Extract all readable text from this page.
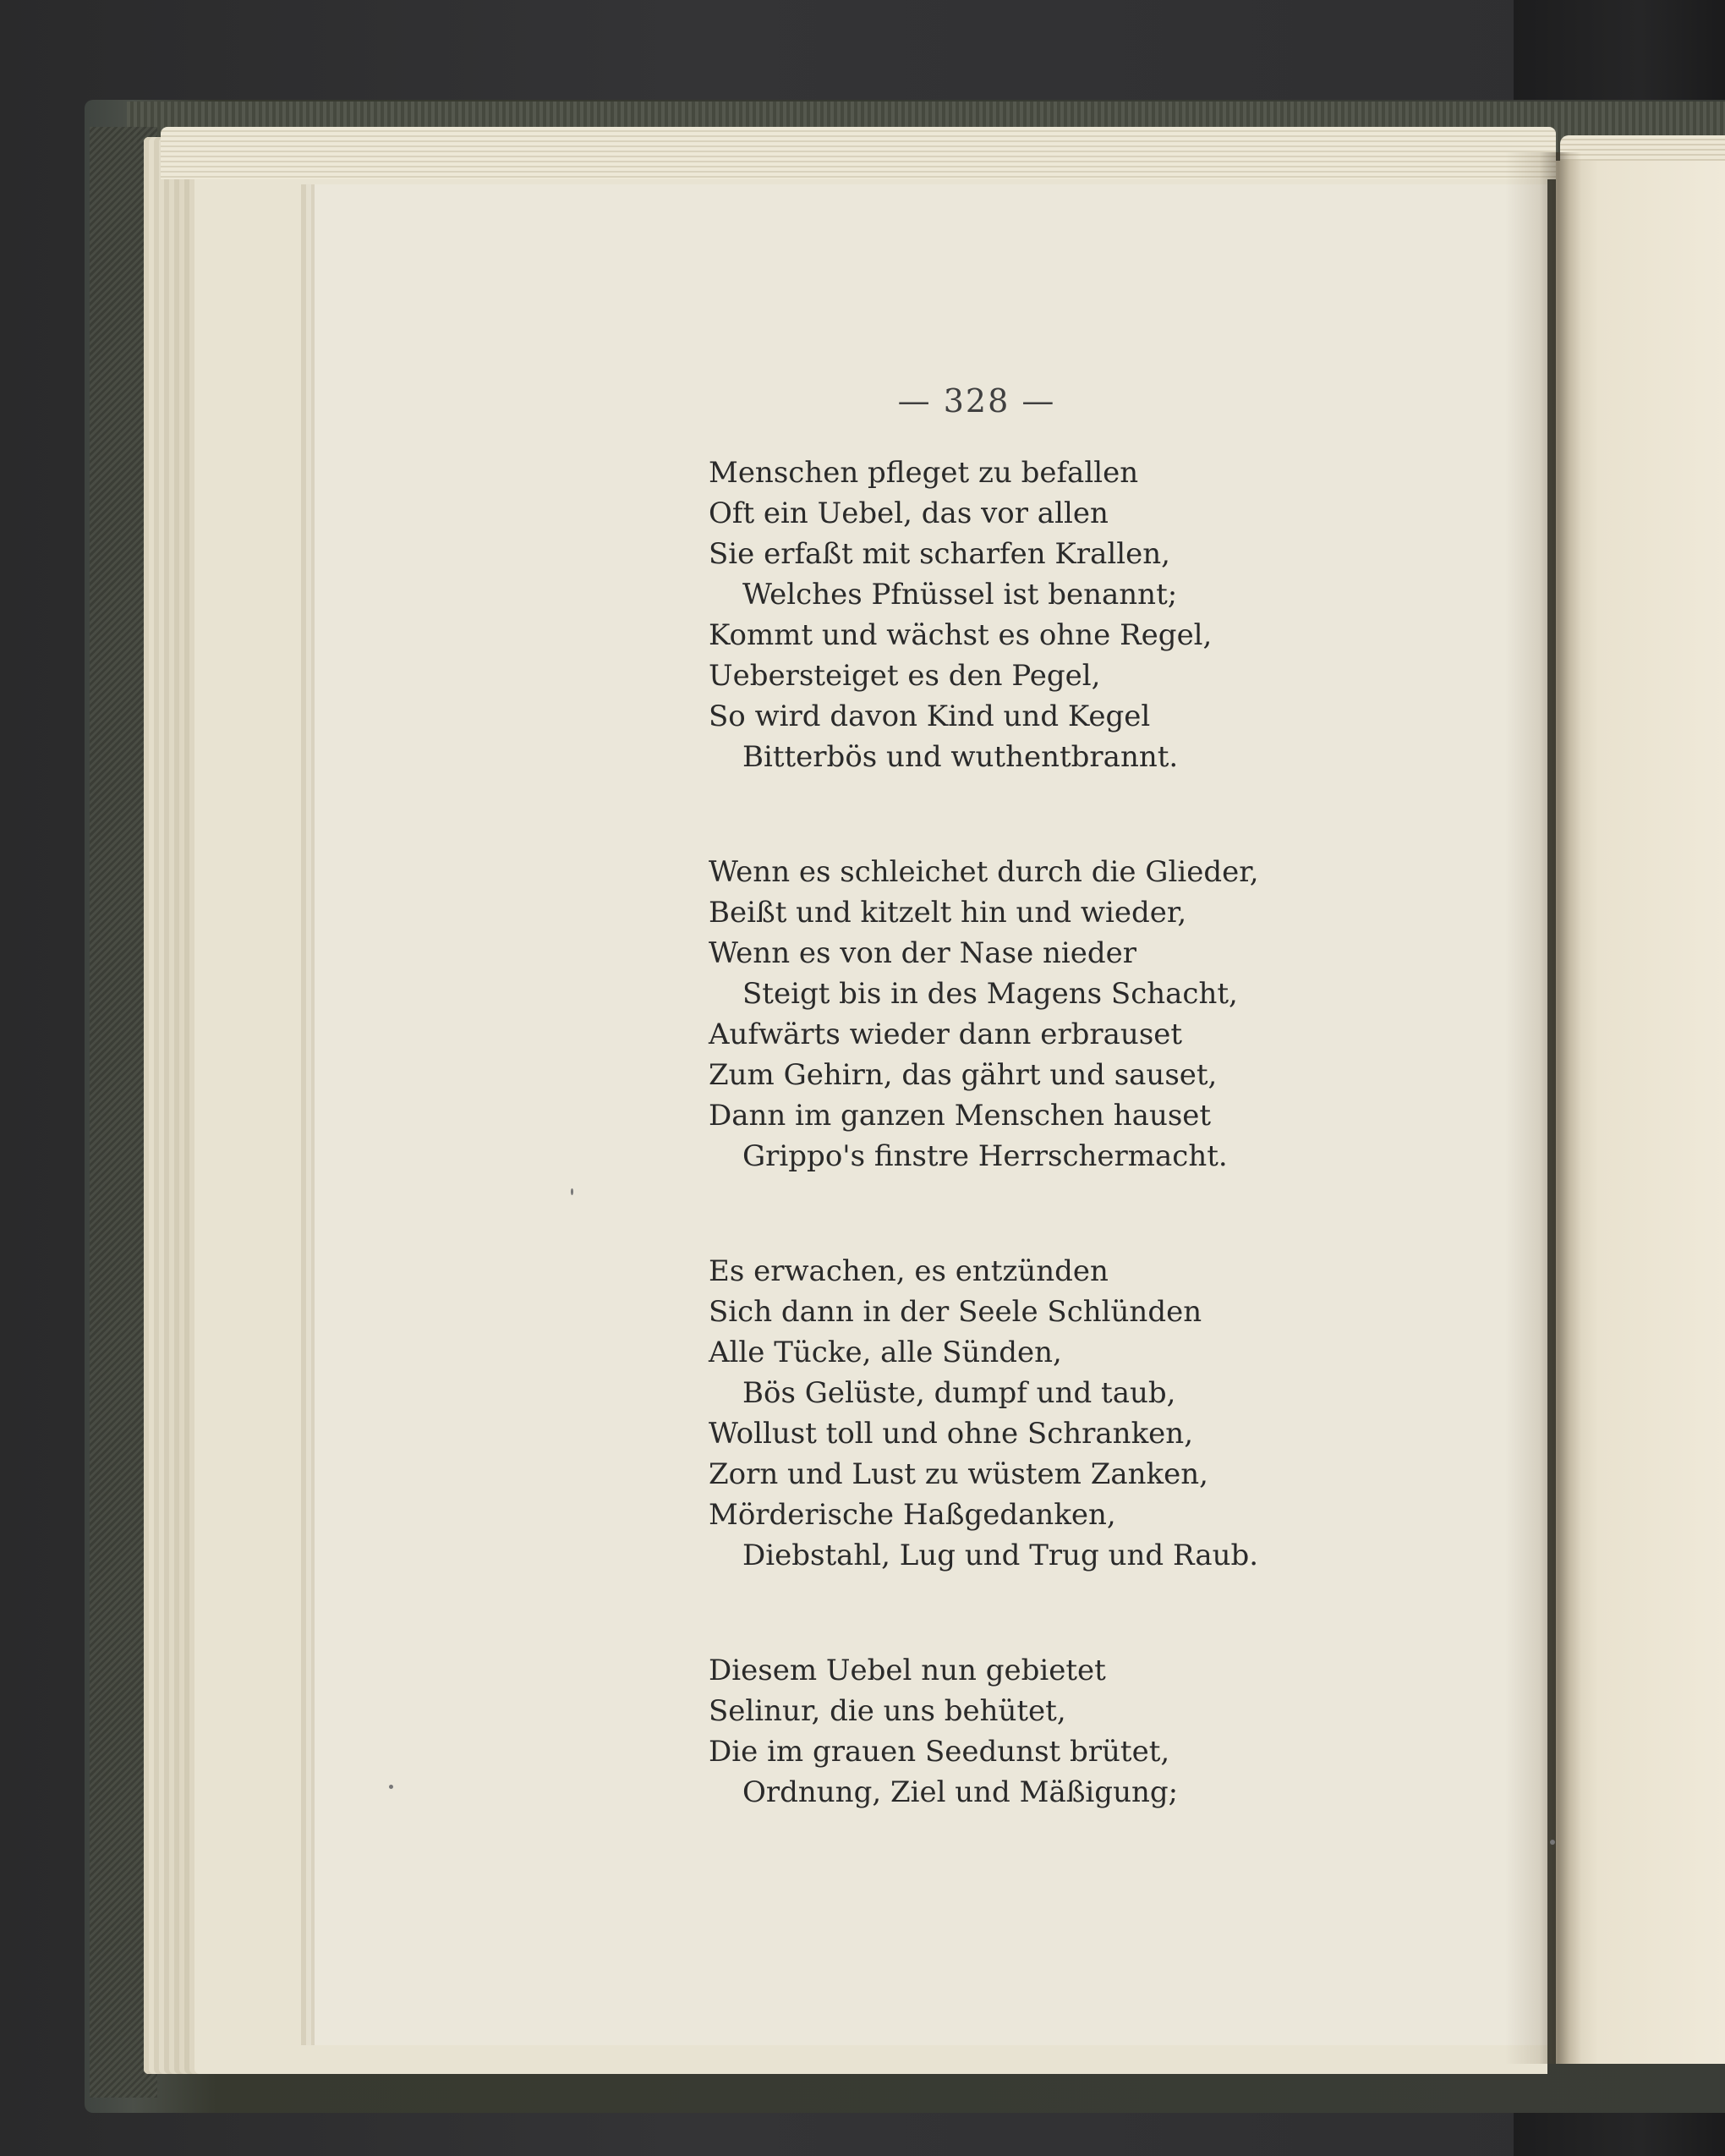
— 328 —
Menschen pfleget zu befallen
Oft ein Uebel, das vor allen
Sie erfaßt mit scharfen Krallen,
Welches Pfnüssel ist benannt;
Kommt und wächst es ohne Regel,
Uebersteiget es den Pegel,
So wird davon Kind und Kegel
Bitterbös und wuthentbrannt.
Wenn es schleichet durch die Glieder,
Beißt und kitzelt hin und wieder,
Wenn es von der Nase nieder
Steigt bis in des Magens Schacht,
Aufwärts wieder dann erbrauset
Zum Gehirn, das gährt und sauset,
Dann im ganzen Menschen hauset
Grippo's finstre Herrschermacht.
Es erwachen, es entzünden
Sich dann in der Seele Schlünden
Alle Tücke, alle Sünden,
Bös Gelüste, dumpf und taub,
Wollust toll und ohne Schranken,
Zorn und Lust zu wüstem Zanken,
Mörderische Haßgedanken,
Diebstahl, Lug und Trug und Raub.
Diesem Uebel nun gebietet
Selinur, die uns behütet,
Die im grauen Seedunst brütet,
Ordnung, Ziel und Mäßigung;
